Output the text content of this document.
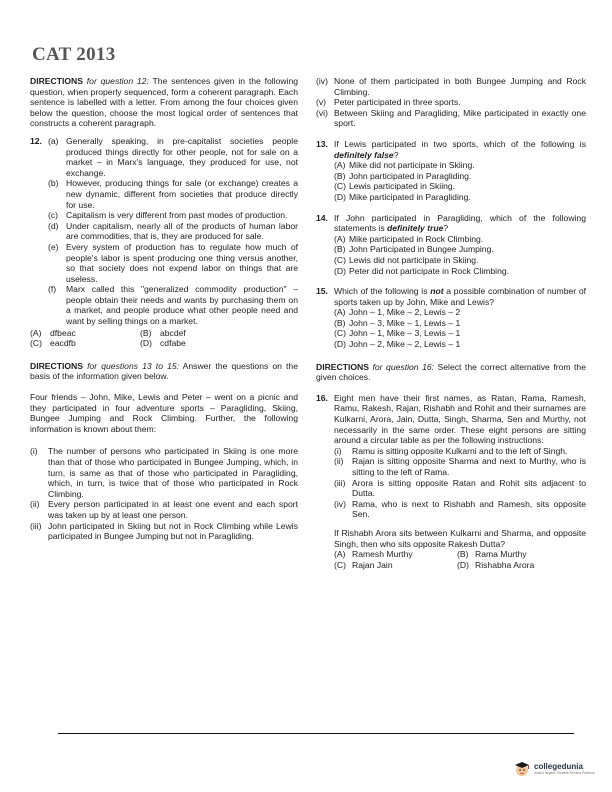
CAT 2013

DIRECTIONS for question 12: The sentences given in the following question, when properly sequenced, form a coherent paragraph. Each sentence is labelled with a letter. From among the four choices given below the question, choose the most logical order of sentences that constructs a coherent paragraph.

12. (a) Generally speaking, in pre-capitalist societies people produced things directly for other people, not for sale on a market – in Marx's language, they produced for use, not exchange.
(b) However, producing things for sale (or exchange) creates a new dynamic, different from societies that produce directly for use.
(c) Capitalism is very different from past modes of production.
(d) Under capitalism, nearly all of the products of human labor are commodities, that is, they are produced for sale.
(e) Every system of production has to regulate how much of people's labor is spent producing one thing versus another, so that society does not expend labor on things that are useless.
(f)	Marx called this "generalized commodity production" – people obtain their needs and wants by purchasing them on a market, and people produce what other people need and want by selling things on a market.
(A) dfbeac	(B) abcdef
(C) eacdfb	(D) cdfabe

DIRECTIONS for questions 13 to 15: Answer the questions on the basis of the information given below.

Four friends – John, Mike, Lewis and Peter – went on a picnic and they participated in four adventure sports – Paragliding, Skiing, Bungee Jumping and Rock Climbing. Further, the following information is known about them:

(i)	The number of persons who participated in Skiing is one more than that of those who participated in Bungee Jumping, which, in turn, is same as that of those who participated in Paragliding, which, in turn, is twice that of those who participated in Rock Climbing.
(ii) Every person participated in at least one event and each sport was taken up by at least one person.
(iii) John participated in Skiing but not in Rock Climbing while Lewis participated in Bungee Jumping but not in Paragliding.
(iv) None of them participated in both Bungee Jumping and Rock Climbing.
(v) Peter participated in three sports.
(vi) Between Skiing and Paragliding, Mike participated in exactly one sport.
13. If Lewis participated in two sports, which of the following is definitely false?
(A) Mike did not participate in Skiing.
(B) John participated in Paragliding.
(C) Lewis participated in Skiing.
(D) Mike participated in Paragliding.
14. If John participated in Paragliding, which of the following statements is definitely true?
(A) Mike participated in Rock Climbing.
(B) John Participated in Bungee Jumping.
(C) Lewis did not participate in Skiing.
(D) Peter did not participate in Rock Climbing.
15. Which of the following is not a possible combination of number of sports taken up by John, Mike and Lewis?
(A) John – 1, Mike – 2, Lewis – 2
(B) John – 3, Mike – 1, Lewis – 1
(C) John – 1, Mike – 3, Lewis – 1
(D) John – 2, Mike – 2, Lewis – 1

DIRECTIONS for question 16: Select the correct alternative from the given choices.

16. Eight men have their first names, as Ratan, Rama, Ramesh, Ramu, Rakesh, Rajan, Rishabh and Rohit and their surnames are Kulkarni, Arora, Jain, Dutta, Singh, Sharma, Sen and Murthy, not necessarily in the same order. These eight persons are sitting around a circular table as per the following instructions:
(i)	Ramu is sitting opposite Kulkarni and to the left of Singh.
(ii) Rajan is sitting opposite Sharma and next to Murthy, who is sitting to the left of Rama.
(iii) Arora is sitting opposite Ratan and Rohit sits adjacent to Dutta.
(iv) Rama, who is next to Rishabh and Ramesh, sits opposite Sen.
If Rishabh Arora sits between Kulkarni and Sharma, and opposite Singh, then who sits opposite Rakesh Dutta?
(A) Ramesh Murthy	(B) Rama Murthy
(C) Rajan Jain	(D) Rishabha Arora
collegedunia
India's largest Student Review Platform
